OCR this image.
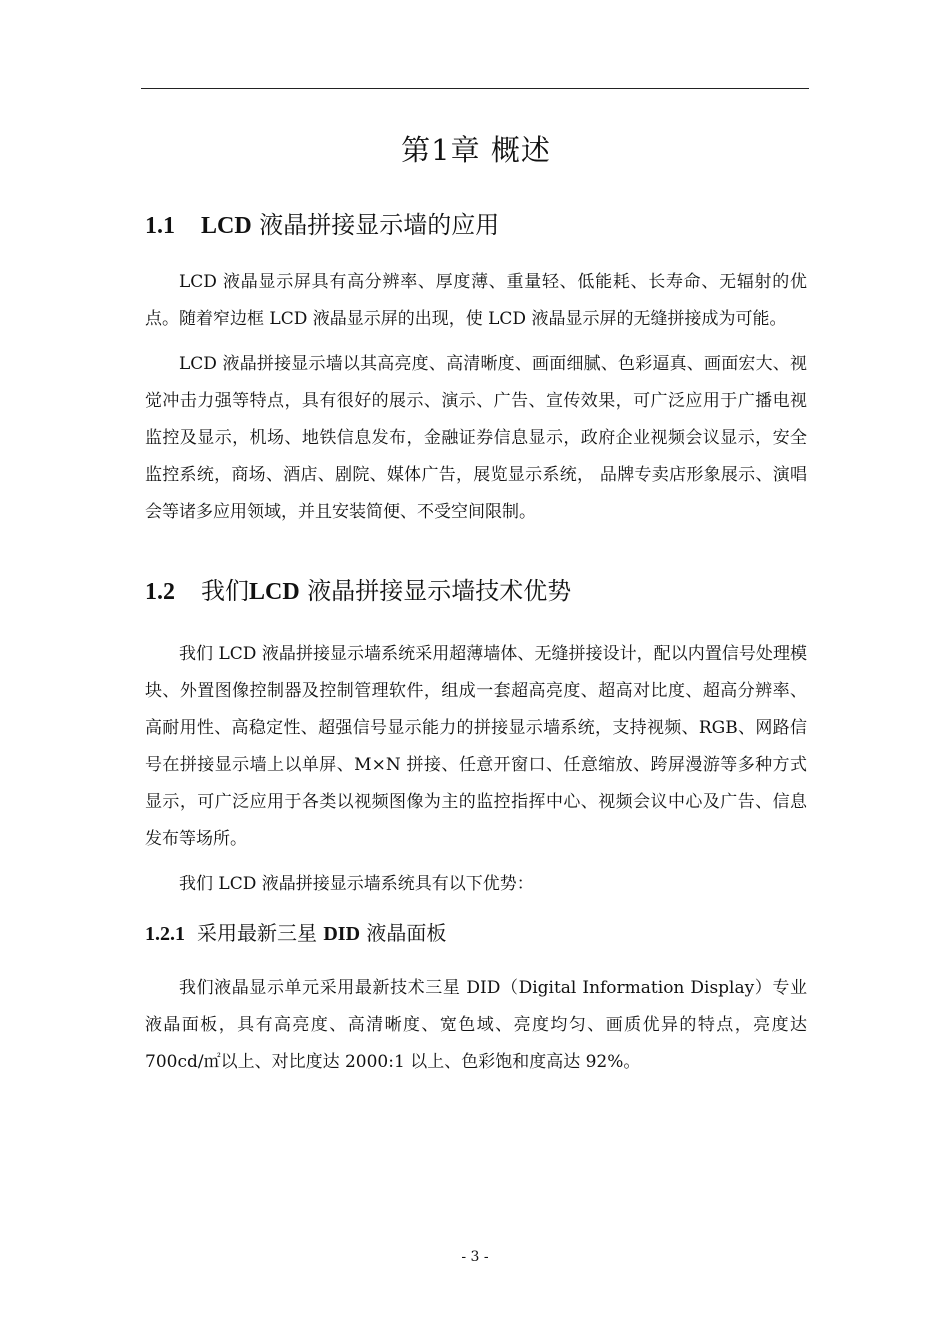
第1章 概述
1.1 LCD 液晶拼接显示墙的应用

LCD 液晶显示屏具有高分辨率、厚度薄、重量轻、低能耗、长寿命、无辐射的优点。随着窄边框 LCD 液晶显示屏的出现，使 LCD 液晶显示屏的无缝拼接成为可能。

LCD 液晶拼接显示墙以其高亮度、高清晰度、画面细腻、色彩逼真、画面宏大、视觉冲击力强等特点，具有很好的展示、演示、广告、宣传效果，可广泛应用于广播电视监控及显示，机场、地铁信息发布，金融证券信息显示，政府企业视频会议显示，安全监控系统，商场、酒店、剧院、媒体广告，展览显示系统， 品牌专卖店形象展示、演唱会等诸多应用领域，并且安装简便、不受空间限制。

1.2 我们LCD 液晶拼接显示墙技术优势

我们 LCD 液晶拼接显示墙系统采用超薄墙体、无缝拼接设计，配以内置信号处理模块、外置图像控制器及控制管理软件，组成一套超高亮度、超高对比度、超高分辨率、高耐用性、高稳定性、超强信号显示能力的拼接显示墙系统，支持视频、RGB、网路信号在拼接显示墙上以单屏、M×N 拼接、任意开窗口、任意缩放、跨屏漫游等多种方式显示，可广泛应用于各类以视频图像为主的监控指挥中心、视频会议中心及广告、信息发布等场所。

我们 LCD 液晶拼接显示墙系统具有以下优势：

1.2.1 采用最新三星 DID 液晶面板

我们液晶显示单元采用最新技术三星 DID（Digital Information Display）专业液晶面板，具有高亮度、高清晰度、宽色域、亮度均匀、画质优异的特点，亮度达 700cd/㎡以上、对比度达 2000:1 以上、色彩饱和度高达 92%。

- 3 -
